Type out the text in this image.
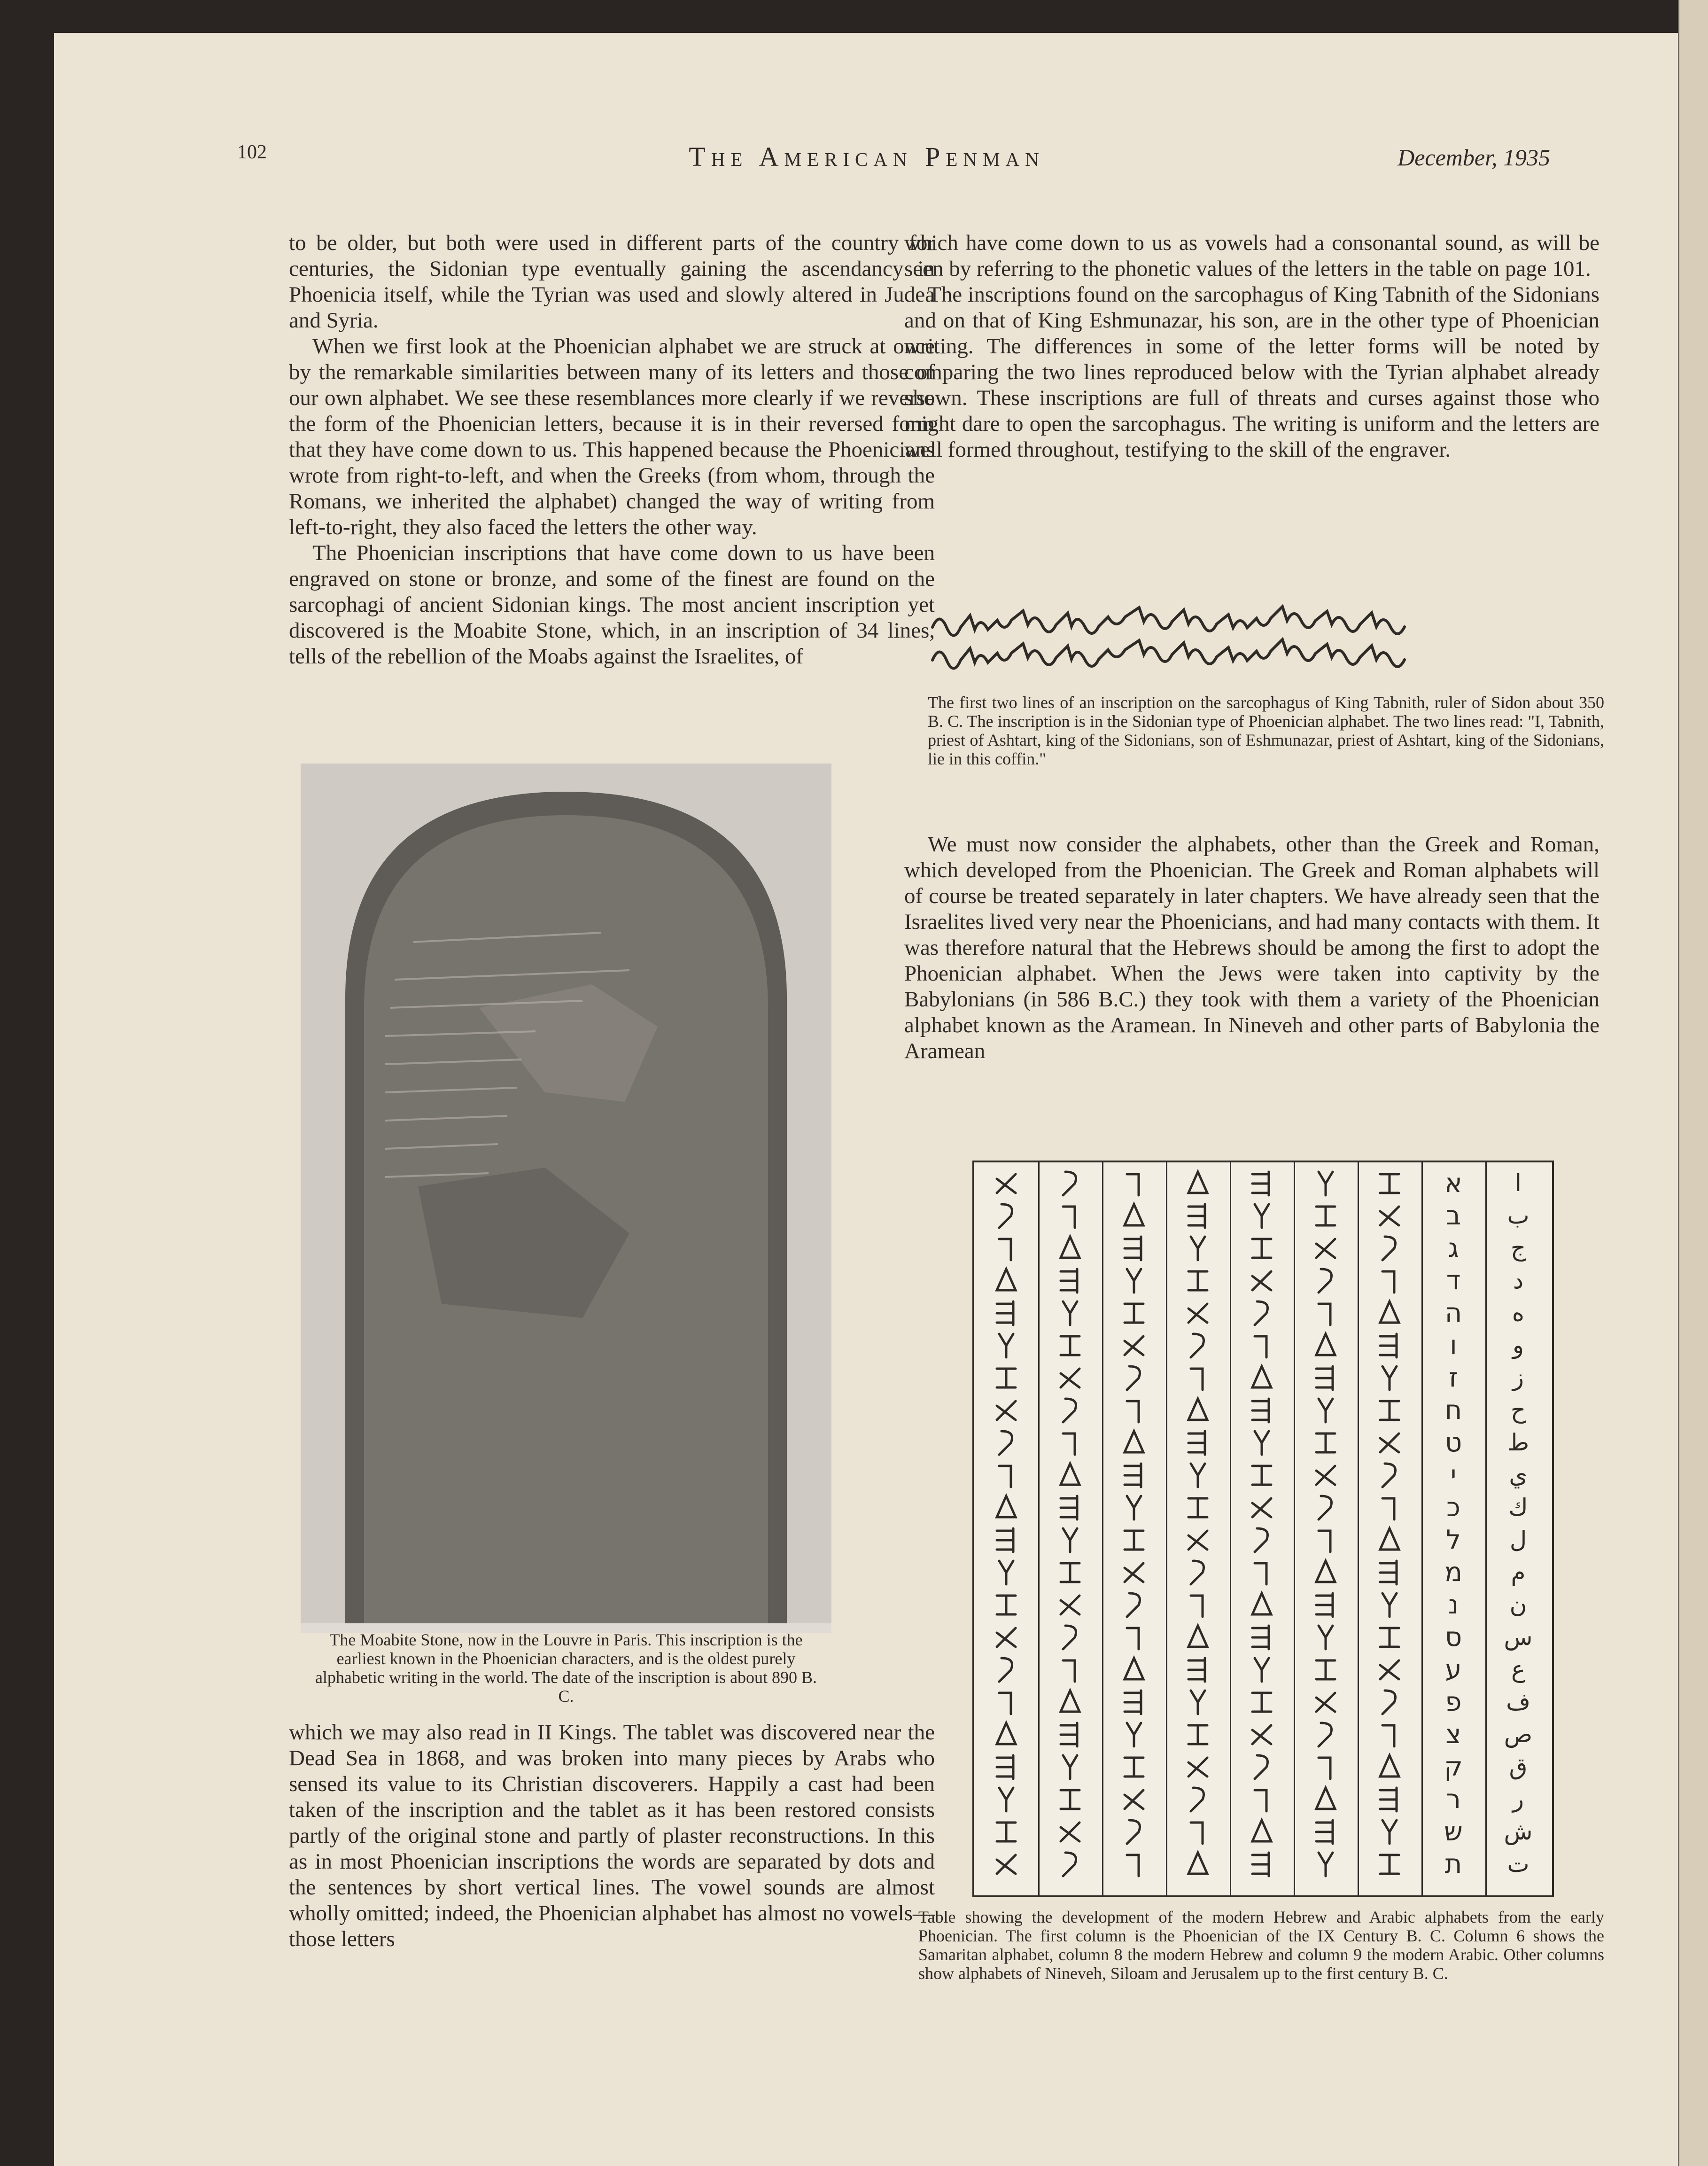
102	The American Penman	December, 1935

to be older, but both were used in different parts of the country for centuries, the Sidonian type eventually gaining the ascendancy in Phoenicia itself, while the Tyrian was used and slowly altered in Judea and Syria.

When we first look at the Phoenician alphabet we are struck at once by the remarkable similarities between many of its letters and those of our own alphabet. We see these resemblances more clearly if we reverse the form of the Phoenician letters, because it is in their reversed form that they have come down to us. This happened because the Phoenicians wrote from right-to-left, and when the Greeks (from whom, through the Romans, we inherited the alphabet) changed the way of writing from left-to-right, they also faced the letters the other way.

The Phoenician inscriptions that have come down to us have been engraved on stone or bronze, and some of the finest are found on the sarcophagi of ancient Sidonian kings. The most ancient inscription yet discovered is the Moabite Stone, which, in an inscription of 34 lines, tells of the rebellion of the Moabs against the Israelites, of

The Moabite Stone, now in the Louvre in Paris. This inscription is the earliest known in the Phoenician characters, and is the oldest purely alphabetic writing in the world. The date of the inscription is about 890 B. C.

which we may also read in II Kings. The tablet was discovered near the Dead Sea in 1868, and was broken into many pieces by Arabs who sensed its value to its Christian discoverers. Happily a cast had been taken of the inscription and the tablet as it has been restored consists partly of the original stone and partly of plaster reconstructions. In this as in most Phoenician inscriptions the words are separated by dots and the sentences by short vertical lines. The vowel sounds are almost wholly omitted; indeed, the Phoenician alphabet has almost no vowels—those letters

which have come down to us as vowels had a consonantal sound, as will be seen by referring to the phonetic values of the letters in the table on page 101.

The inscriptions found on the sarcophagus of King Tabnith of the Sidonians and on that of King Eshmunazar, his son, are in the other type of Phoenician writing. The differences in some of the letter forms will be noted by comparing the two lines reproduced below with the Tyrian alphabet already shown. These inscriptions are full of threats and curses against those who might dare to open the sarcophagus. The writing is uniform and the letters are well formed throughout, testifying to the skill of the engraver.

The first two lines of an inscription on the sarcophagus of King Tabnith, ruler of Sidon about 350 B. C. The inscription is in the Sidonian type of Phoenician alphabet. The two lines read: "I, Tabnith, priest of Ashtart, king of the Sidonians, son of Eshmunazar, priest of Ashtart, king of the Sidonians, lie in this coffin."

We must now consider the alphabets, other than the Greek and Roman, which developed from the Phoenician. The Greek and Roman alphabets will of course be treated separately in later chapters. We have already seen that the Israelites lived very near the Phoenicians, and had many contacts with them. It was therefore natural that the Hebrews should be among the first to adopt the Phoenician alphabet. When the Jews were taken into captivity by the Babylonians (in 586 B.C.) they took with them a variety of the Phoenician alphabet known as the Aramean. In Nineveh and other parts of Babylonia the Aramean

א
ב
ג
ד
ה
ו
ז
ח
ט
י
כ
ל
מ
נ
ס
ע
פ
צ
ק
ר
ש
ת
ا
ب
ج
د
ه
و
ز
ح
ط
ي
ك
ل
م
ن
س
ع
ف
ص
ق
ر
ش
ت
Table showing the development of the modern Hebrew and Arabic alphabets from the early Phoenician. The first column is the Phoenician of the IX Century B. C. Column 6 shows the Samaritan alphabet, column 8 the modern Hebrew and column 9 the modern Arabic. Other columns show alphabets of Nineveh, Siloam and Jerusalem up to the first century B. C.
